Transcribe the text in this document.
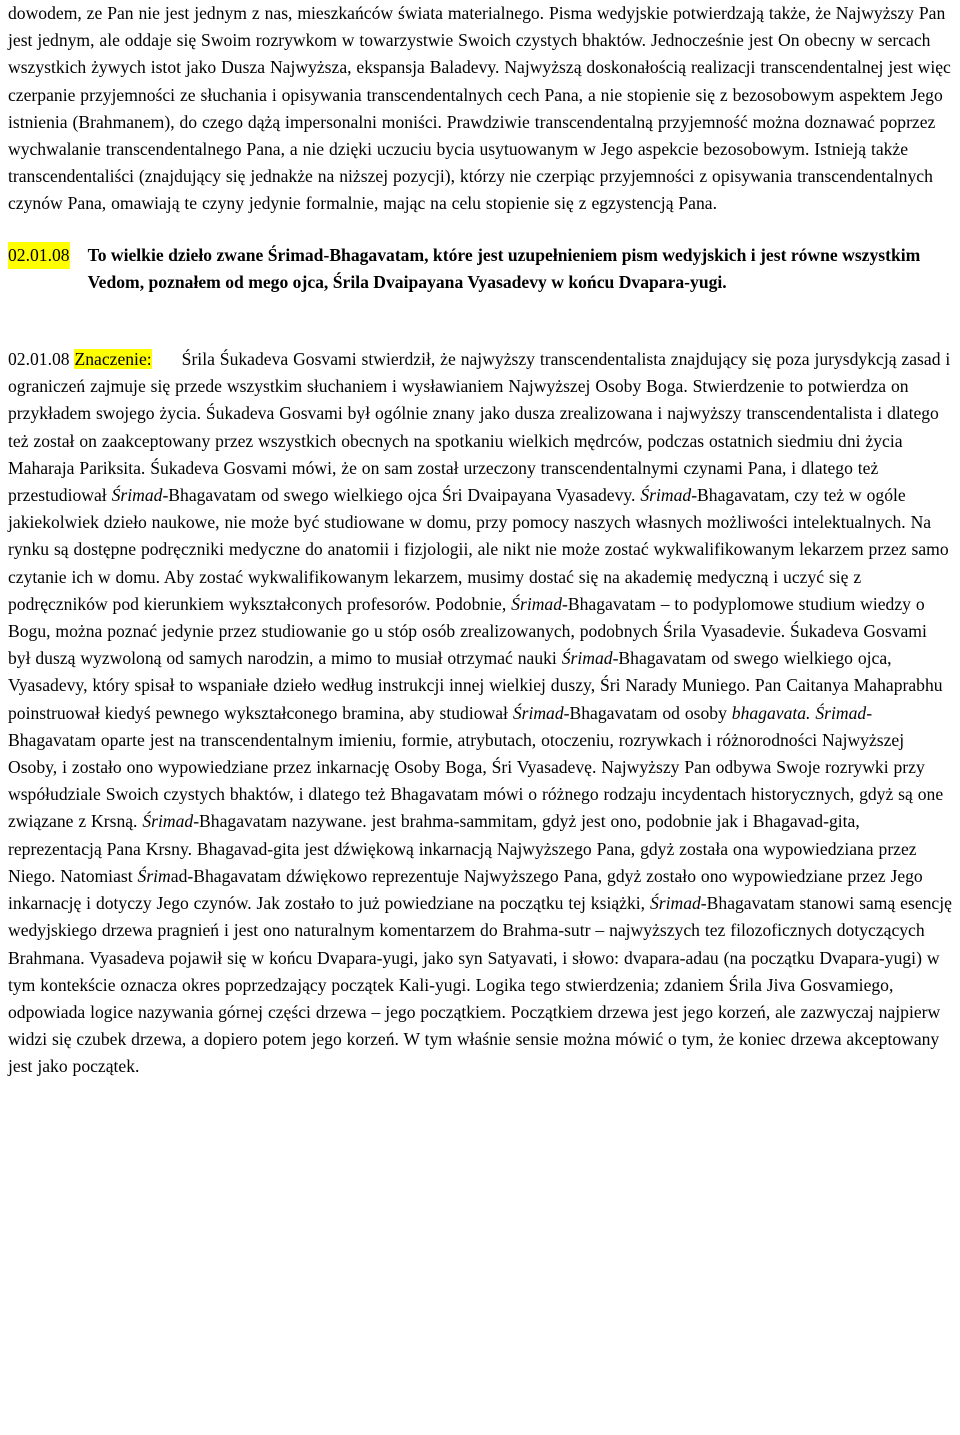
dowodem, ze Pan nie jest jednym z nas, mieszkańców świata materialnego. Pisma wedyjskie potwierdzają także, że Najwyższy Pan jest jednym, ale oddaje się Swoim rozrywkom w towarzystwie Swoich czystych bhaktów. Jednocześnie jest On obecny w sercach wszystkich żywych istot jako Dusza Najwyższa, ekspansja Baladevy. Najwyższą doskonałością realizacji transcendentalnej jest więc czerpanie przyjemności ze słuchania i opisywania transcendentalnych cech Pana, a nie stopienie się z bezosobowym aspektem Jego istnienia (Brahmanem), do czego dążą impersonalni moniści. Prawdziwie transcendentalną przyjemność można doznawać poprzez wychwalanie transcendentalnego Pana, a nie dzięki uczuciu bycia usytuowanym w Jego aspekcie bezosobowym. Istnieją także transcendentaliści (znajdujący się jednakże na niższej pozycji), którzy nie czerpiąc przyjemności z opisywania transcendentalnych czynów Pana, omawiają te czyny jedynie formalnie, mając na celu stopienie się z egzystencją Pana.

02.01.08 To wielkie dzieło zwane Śrimad-Bhagavatam, które jest uzupełnieniem pism wedyjskich i jest równe wszystkim Vedom, poznałem od mego ojca, Śrila Dvaipayana Vyasadevy w końcu Dvapara-yugi.

02.01.08 Znaczenie: Śrila Śukadeva Gosvami stwierdził, że najwyższy transcendentalista znajdujący się poza jurysdykcją zasad i ograniczeń zajmuje się przede wszystkim słuchaniem i wysławianiem Najwyższej Osoby Boga. Stwierdzenie to potwierdza on przykładem swojego życia. Śukadeva Gosvami był ogólnie znany jako dusza zrealizowana i najwyższy transcendentalista i dlatego też został on zaakceptowany przez wszystkich obecnych na spotkaniu wielkich mędrców, podczas ostatnich siedmiu dni życia Maharaja Pariksita. Śukadeva Gosvami mówi, że on sam został urzeczony transcendentalnymi czynami Pana, i dlatego też przestudiował Śrimad-Bhagavatam od swego wielkiego ojca Śri Dvaipayana Vyasadevy. Śrimad-Bhagavatam, czy też w ogóle jakiekolwiek dzieło naukowe, nie może być studiowane w domu, przy pomocy naszych własnych możliwości intelektualnych. Na rynku są dostępne podręczniki medyczne do anatomii i fizjologii, ale nikt nie może zostać wykwalifikowanym lekarzem przez samo czytanie ich w domu. Aby zostać wykwalifikowanym lekarzem, musimy dostać się na akademię medyczną i uczyć się z podręczników pod kierunkiem wykształconych profesorów. Podobnie, Śrimad-Bhagavatam – to podyplomowe studium wiedzy o Bogu, można poznać jedynie przez studiowanie go u stóp osób zrealizowanych, podobnych Śrila Vyasadevie. Śukadeva Gosvami był duszą wyzwoloną od samych narodzin, a mimo to musiał otrzymać nauki Śrimad-Bhagavatam od swego wielkiego ojca, Vyasadevy, który spisał to wspaniałe dzieło według instrukcji innej wielkiej duszy, Śri Narady Muniego. Pan Caitanya Mahaprabhu poinstruował kiedyś pewnego wykształconego bramina, aby studiował Śrimad-Bhagavatam od osoby bhagavata. Śrimad-Bhagavatam oparte jest na transcendentalnym imieniu, formie, atrybutach, otoczeniu, rozrywkach i różnorodności Najwyższej Osoby, i zostało ono wypowiedziane przez inkarnację Osoby Boga, Śri Vyasadevę. Najwyższy Pan odbywa Swoje rozrywki przy współudziale Swoich czystych bhaktów, i dlatego też Bhagavatam mówi o różnego rodzaju incydentach historycznych, gdyż są one związane z Krsną. Śrimad-Bhagavatam nazywane. jest brahma-sammitam, gdyż jest ono, podobnie jak i Bhagavad-gita, reprezentacją Pana Krsny. Bhagavad-gita jest dźwiękową inkarnacją Najwyższego Pana, gdyż została ona wypowiedziana przez Niego. Natomiast Śrimad-Bhagavatam dźwiękowo reprezentuje Najwyższego Pana, gdyż zostało ono wypowiedziane przez Jego inkarnację i dotyczy Jego czynów. Jak zostało to już powiedziane na początku tej książki, Śrimad-Bhagavatam stanowi samą esencję wedyjskiego drzewa pragnień i jest ono naturalnym komentarzem do Brahma-sutr – najwyższych tez filozoficznych dotyczących Brahmana. Vyasadeva pojawił się w końcu Dvapara-yugi, jako syn Satyavati, i słowo: dvapara-adau (na początku Dvapara-yugi) w tym kontekście oznacza okres poprzedzający początek Kali-yugi. Logika tego stwierdzenia; zdaniem Śrila Jiva Gosvamiego, odpowiada logice nazywania górnej części drzewa – jego początkiem. Początkiem drzewa jest jego korzeń, ale zazwyczaj najpierw widzi się czubek drzewa, a dopiero potem jego korzeń. W tym właśnie sensie można mówić o tym, że koniec drzewa akceptowany jest jako początek.
